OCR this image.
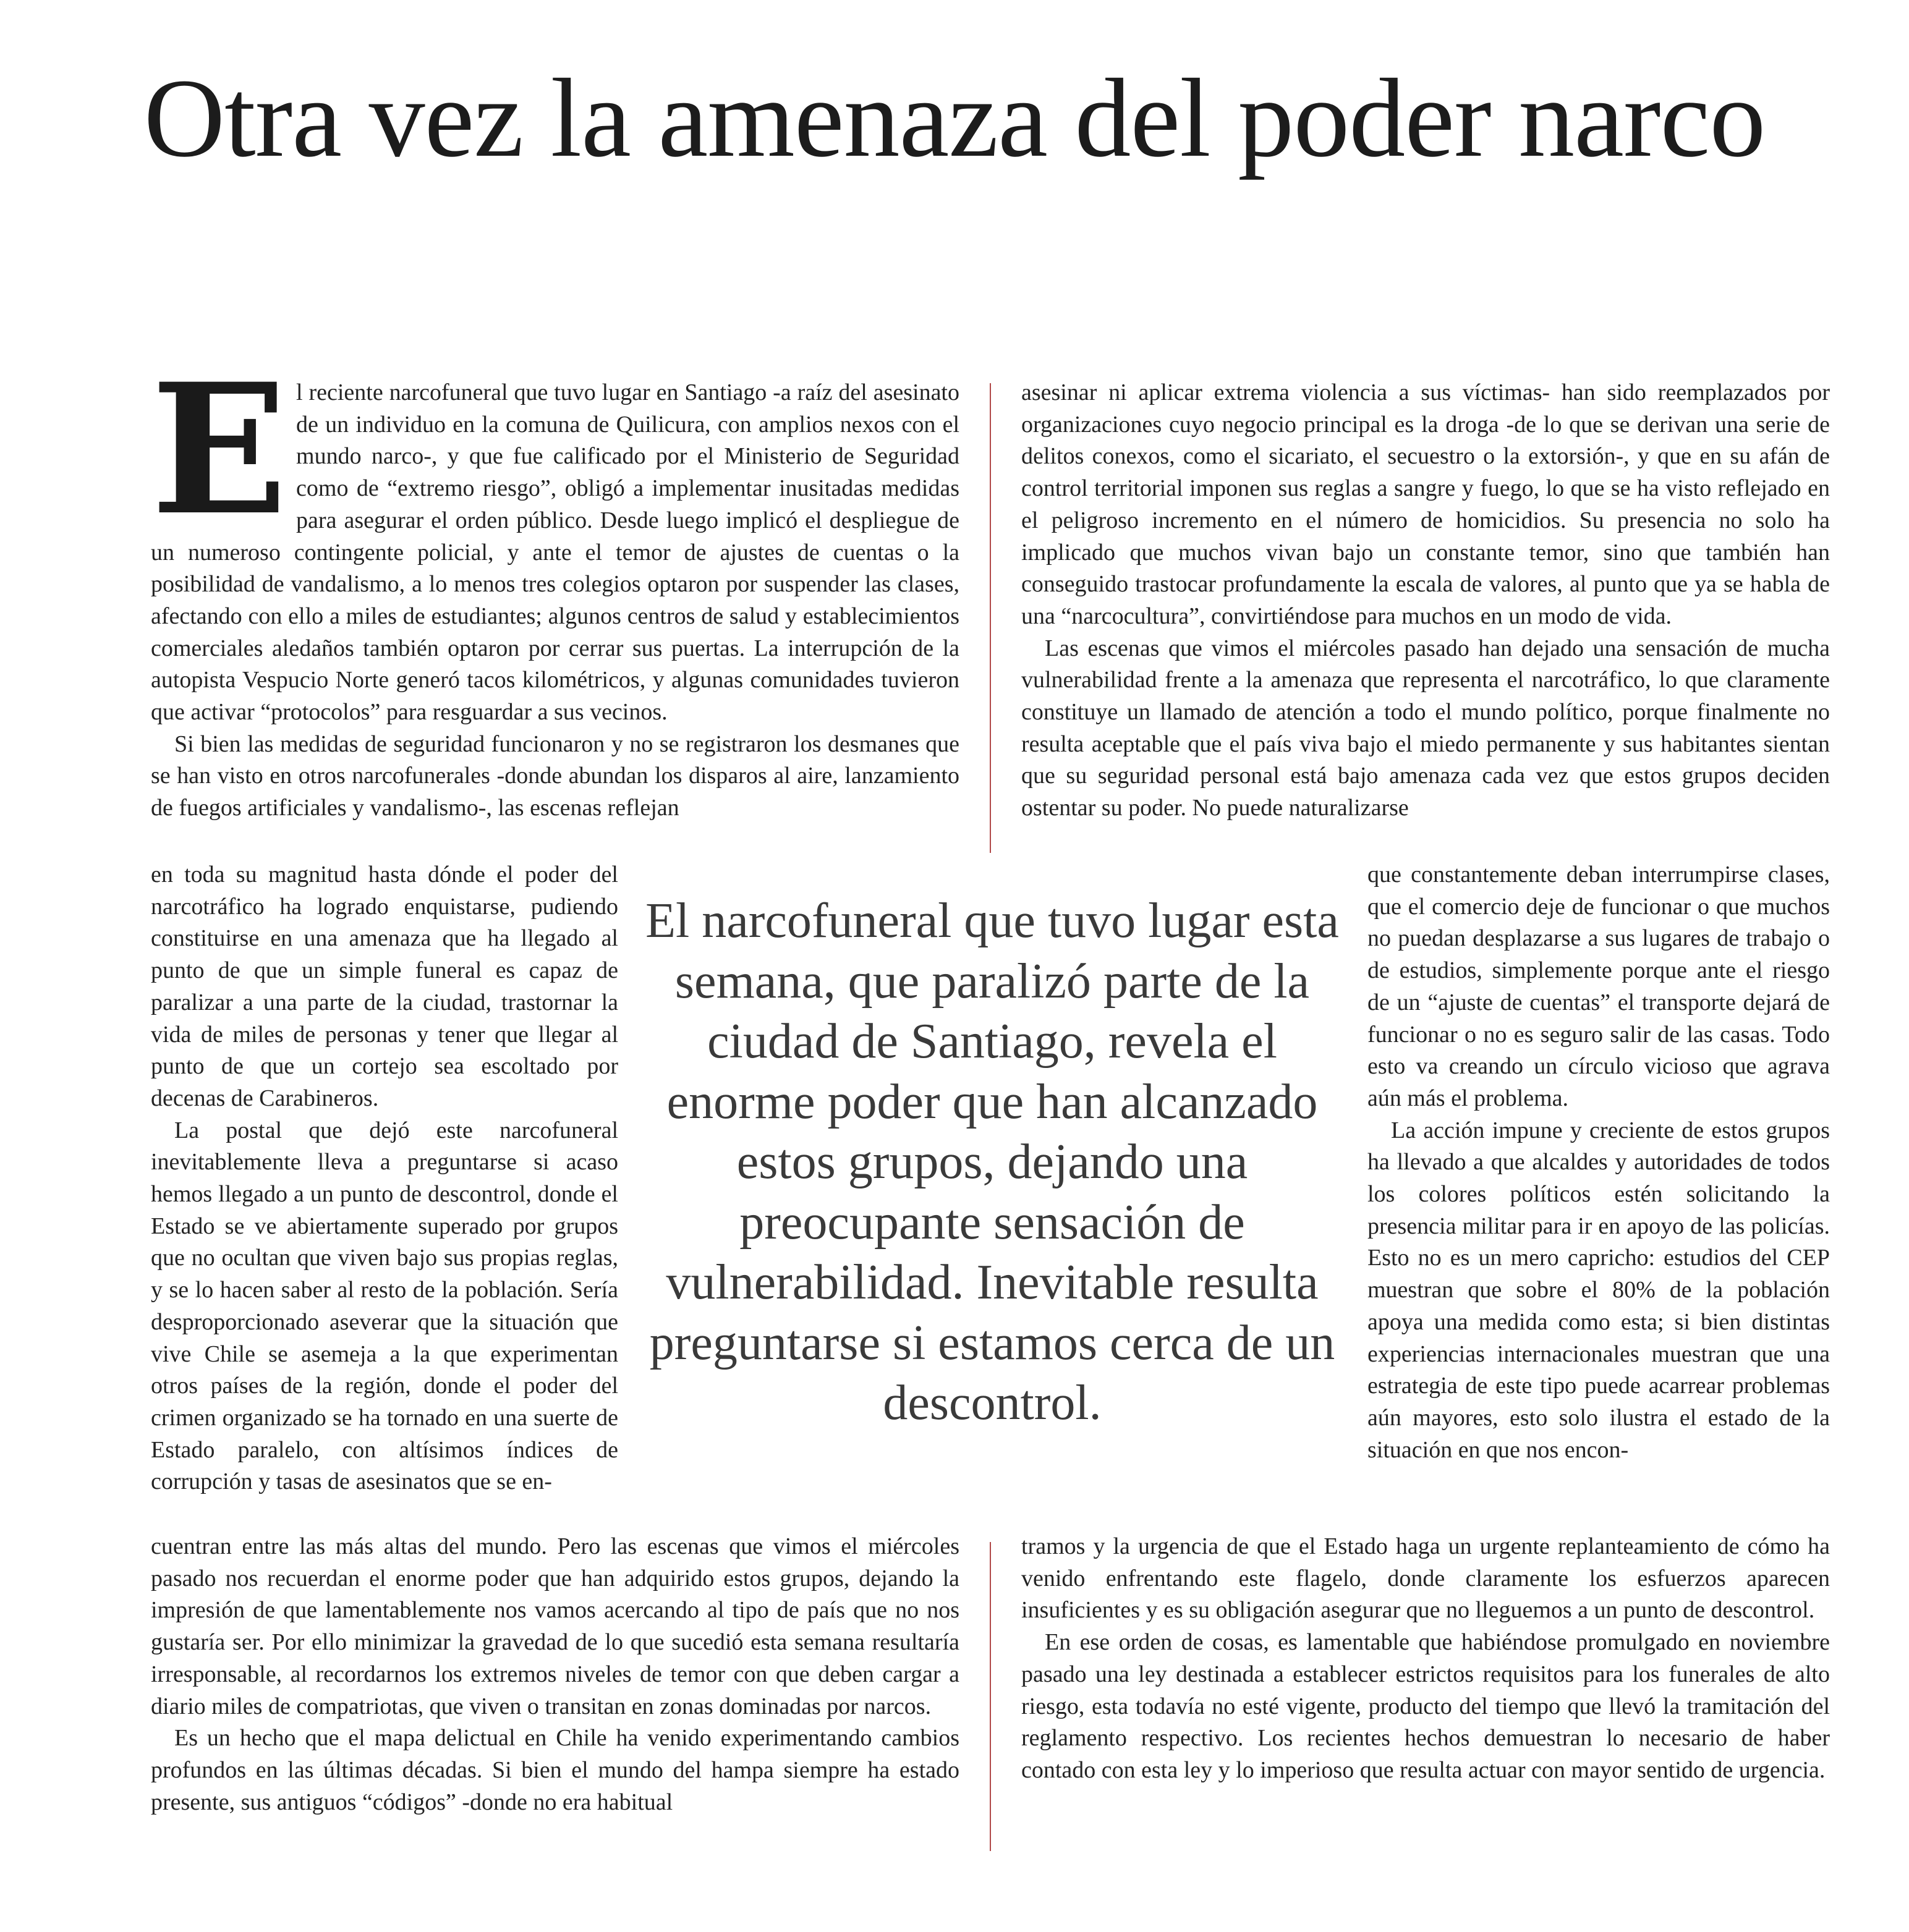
Otra vez la amenaza del poder narco

El reciente narcofuneral que tuvo lugar en Santiago -a raíz del asesinato de un individuo en la comuna de Quilicura, con amplios nexos con el mundo narco-, y que fue calificado por el Ministerio de Seguridad como de “extremo riesgo”, obligó a implementar inusitadas medidas para asegurar el orden público. Desde luego implicó el despliegue de un numeroso contingente policial, y ante el temor de ajustes de cuentas o la posibilidad de vandalismo, a lo menos tres colegios optaron por suspender las clases, afectando con ello a miles de estudiantes; algunos centros de salud y establecimientos comerciales aledaños también optaron por cerrar sus puertas. La interrupción de la autopista Vespucio Norte generó tacos kilométricos, y algunas comunidades tuvieron que activar “protocolos” para resguardar a sus vecinos.

Si bien las medidas de seguridad funcionaron y no se registraron los desmanes que se han visto en otros narcofunerales -donde abundan los disparos al aire, lanzamiento de fuegos artificiales y vandalismo-, las escenas reflejan

en toda su magnitud hasta dónde el poder del narcotráfico ha logrado enquistarse, pudiendo constituirse en una amenaza que ha llegado al punto de que un simple funeral es capaz de paralizar a una parte de la ciudad, trastornar la vida de miles de personas y tener que llegar al punto de que un cortejo sea escoltado por decenas de Carabineros.

La postal que dejó este narcofuneral inevitablemente lleva a preguntarse si acaso hemos llegado a un punto de descontrol, donde el Estado se ve abiertamente superado por grupos que no ocultan que viven bajo sus propias reglas, y se lo hacen saber al resto de la población. Sería desproporcionado aseverar que la situación que vive Chile se asemeja a la que experimentan otros países de la región, donde el poder del crimen organizado se ha tornado en una suerte de Estado paralelo, con altísimos índices de corrupción y tasas de asesinatos que se en-

cuentran entre las más altas del mundo. Pero las escenas que vimos el miércoles pasado nos recuerdan el enorme poder que han adquirido estos grupos, dejando la impresión de que lamentablemente nos vamos acercando al tipo de país que no nos gustaría ser. Por ello minimizar la gravedad de lo que sucedió esta semana resultaría irresponsable, al recordarnos los extremos niveles de temor con que deben cargar a diario miles de compatriotas, que viven o transitan en zonas dominadas por narcos.

Es un hecho que el mapa delictual en Chile ha venido experimentando cambios profundos en las últimas décadas. Si bien el mundo del hampa siempre ha estado presente, sus antiguos “códigos” -donde no era habitual

asesinar ni aplicar extrema violencia a sus víctimas- han sido reemplazados por organizaciones cuyo negocio principal es la droga -de lo que se derivan una serie de delitos conexos, como el sicariato, el secuestro o la extorsión-, y que en su afán de control territorial imponen sus reglas a sangre y fuego, lo que se ha visto reflejado en el peligroso incremento en el número de homicidios. Su presencia no solo ha implicado que muchos vivan bajo un constante temor, sino que también han conseguido trastocar profundamente la escala de valores, al punto que ya se habla de una “narcocultura”, convirtiéndose para muchos en un modo de vida.

Las escenas que vimos el miércoles pasado han dejado una sensación de mucha vulnerabilidad frente a la amenaza que representa el narcotráfico, lo que claramente constituye un llamado de atención a todo el mundo político, porque finalmente no resulta aceptable que el país viva bajo el miedo permanente y sus habitantes sientan que su seguridad personal está bajo amenaza cada vez que estos grupos deciden ostentar su poder. No puede naturalizarse

que constantemente deban interrumpirse clases, que el comercio deje de funcionar o que muchos no puedan desplazarse a sus lugares de trabajo o de estudios, simplemente porque ante el riesgo de un “ajuste de cuentas” el transporte dejará de funcionar o no es seguro salir de las casas. Todo esto va creando un círculo vicioso que agrava aún más el problema.

La acción impune y creciente de estos grupos ha llevado a que alcaldes y autoridades de todos los colores políticos estén solicitando la presencia militar para ir en apoyo de las policías. Esto no es un mero capricho: estudios del CEP muestran que sobre el 80% de la población apoya una medida como esta; si bien distintas experiencias internacionales muestran que una estrategia de este tipo puede acarrear problemas aún mayores, esto solo ilustra el estado de la situación en que nos encon-

tramos y la urgencia de que el Estado haga un urgente replanteamiento de cómo ha venido enfrentando este flagelo, donde claramente los esfuerzos aparecen insuficientes y es su obligación asegurar que no lleguemos a un punto de descontrol.

En ese orden de cosas, es lamentable que habiéndose promulgado en noviembre pasado una ley destinada a establecer estrictos requisitos para los funerales de alto riesgo, esta todavía no esté vigente, producto del tiempo que llevó la tramitación del reglamento respectivo. Los recientes hechos demuestran lo necesario de haber contado con esta ley y lo imperioso que resulta actuar con mayor sentido de urgencia.

El narcofuneral que tuvo lugar esta semana, que paralizó parte de la ciudad de Santiago, revela el enorme poder que han alcanzado estos grupos, dejando una preocupante sensación de vulnerabilidad. Inevitable resulta preguntarse si estamos cerca de un descontrol.
